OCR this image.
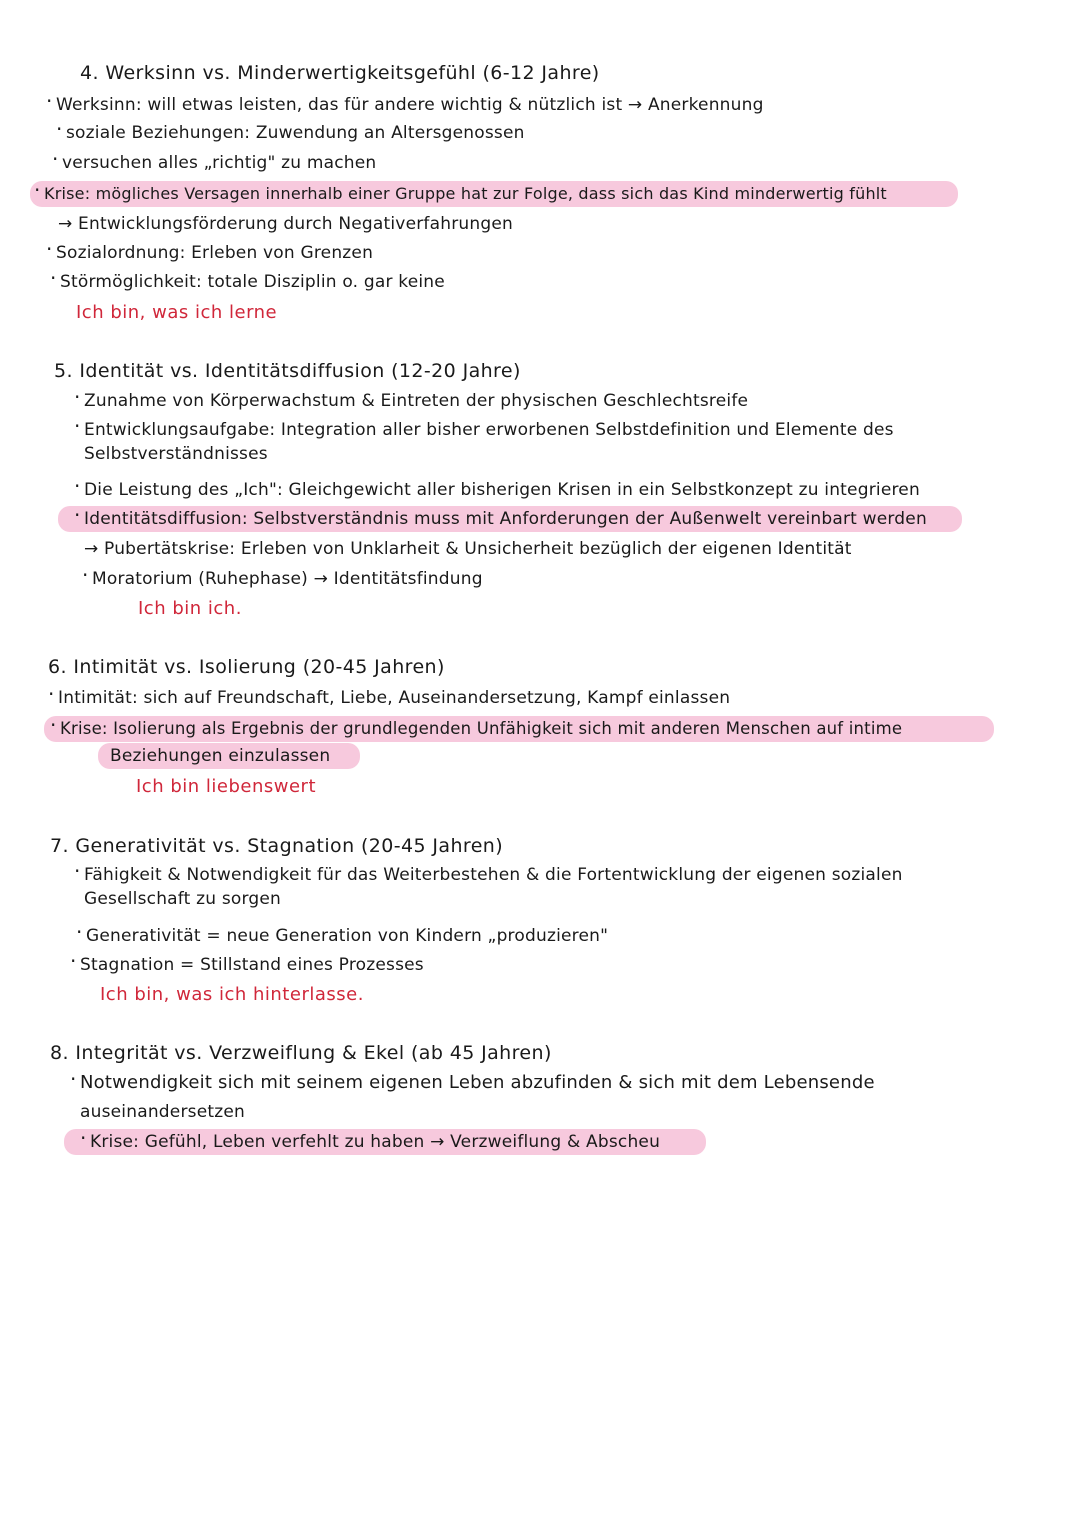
4. Werksinn vs. Minderwertigkeitsgefühl (6-12 Jahre)
· Werksinn: will etwas leisten, das für andere wichtig & nützlich ist → Anerkennung
· soziale Beziehungen: Zuwendung an Altersgenossen
· versuchen alles „richtig" zu machen
· Krise: mögliches Versagen innerhalb einer Gruppe hat zur Folge, dass sich das Kind minderwertig fühlt
→ Entwicklungsförderung durch Negativerfahrungen
· Sozialordnung: Erleben von Grenzen
· Störmöglichkeit: totale Disziplin o. gar keine
Ich bin, was ich lerne
5. Identität vs. Identitätsdiffusion (12-20 Jahre)
· Zunahme von Körperwachstum & Eintreten der physischen Geschlechtsreife
· Entwicklungsaufgabe: Integration aller bisher erworbenen Selbstdefinition und Elemente des
Selbstverständnisses
· Die Leistung des „Ich": Gleichgewicht aller bisherigen Krisen in ein Selbstkonzept zu integrieren
· Identitätsdiffusion: Selbstverständnis muss mit Anforderungen der Außenwelt vereinbart werden
→ Pubertätskrise: Erleben von Unklarheit & Unsicherheit bezüglich der eigenen Identität
· Moratorium (Ruhephase) → Identitätsfindung
Ich bin ich.
6. Intimität vs. Isolierung (20-45 Jahren)
· Intimität: sich auf Freundschaft, Liebe, Auseinandersetzung, Kampf einlassen
· Krise: Isolierung als Ergebnis der grundlegenden Unfähigkeit sich mit anderen Menschen auf intime
Beziehungen einzulassen
Ich bin liebenswert
7. Generativität vs. Stagnation (20-45 Jahren)
· Fähigkeit & Notwendigkeit für das Weiterbestehen & die Fortentwicklung der eigenen sozialen
Gesellschaft zu sorgen
· Generativität = neue Generation von Kindern „produzieren"
· Stagnation = Stillstand eines Prozesses
Ich bin, was ich hinterlasse.
8. Integrität vs. Verzweiflung & Ekel (ab 45 Jahren)
· Notwendigkeit sich mit seinem eigenen Leben abzufinden & sich mit dem Lebensende
auseinandersetzen
· Krise: Gefühl, Leben verfehlt zu haben → Verzweiflung & Abscheu
